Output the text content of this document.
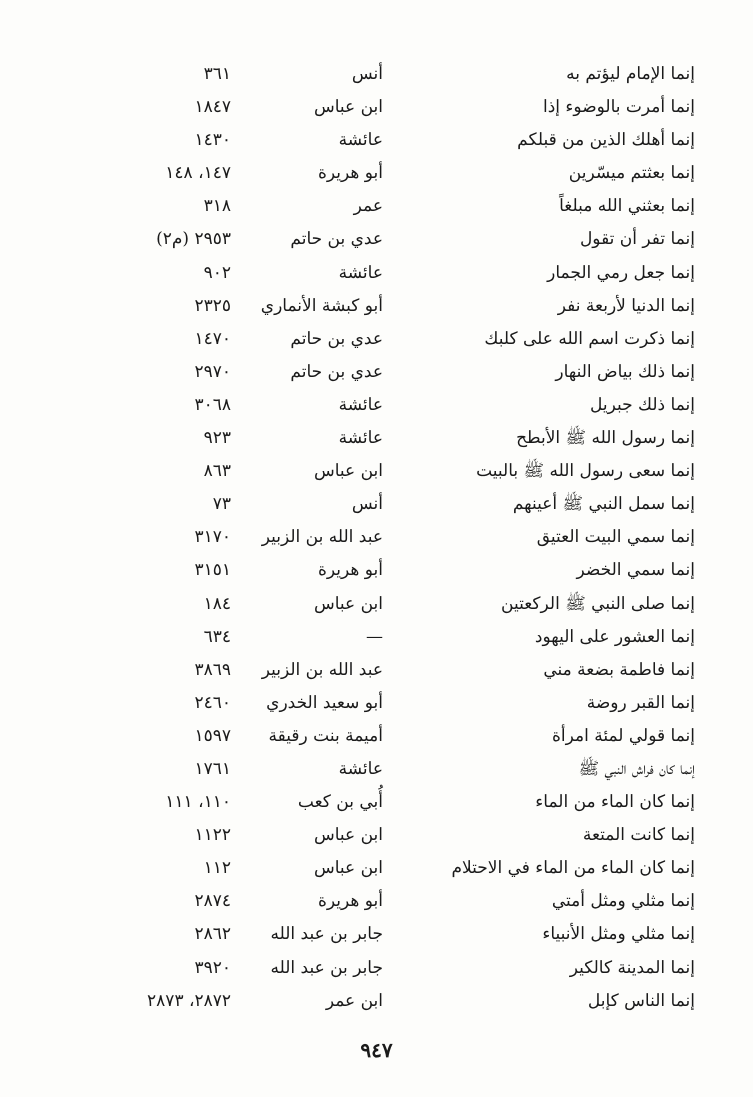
إنما الإمام ليؤتم به
أنس
٣٦١
إنما أمرت بالوضوء إذا
ابن عباس
١٨٤٧
إنما أهلك الذين من قبلكم
عائشة
١٤٣٠
إنما بعثتم ميسّرين
أبو هريرة
١٤٧، ١٤٨
إنما بعثني الله مبلغاً
عمر
٣١٨
إنما تفر أن تقول
عدي بن حاتم
٢٩٥٣ (م٢)
إنما جعل رمي الجمار
عائشة
٩٠٢
إنما الدنيا لأربعة نفر
أبو كبشة الأنماري
٢٣٢٥
إنما ذكرت اسم الله على كلبك
عدي بن حاتم
١٤٧٠
إنما ذلك بياض النهار
عدي بن حاتم
٢٩٧٠
إنما ذلك جبريل
عائشة
٣٠٦٨
إنما رسول الله ﷺ الأبطح
عائشة
٩٢٣
إنما سعى رسول الله ﷺ بالبيت
ابن عباس
٨٦٣
إنما سمل النبي ﷺ أعينهم
أنس
٧٣
إنما سمي البيت العتيق
عبد الله بن الزبير
٣١٧٠
إنما سمي الخضر
أبو هريرة
٣١٥١
إنما صلى النبي ﷺ الركعتين
ابن عباس
١٨٤
إنما العشور على اليهود
—
٦٣٤
إنما فاطمة بضعة مني
عبد الله بن الزبير
٣٨٦٩
إنما القبر روضة
أبو سعيد الخدري
٢٤٦٠
إنما قولي لمئة امرأة
أميمة بنت رقيقة
١٥٩٧
إنما كان فراش النبي ﷺ
عائشة
١٧٦١
إنما كان الماء من الماء
أُبي بن كعب
١١٠، ١١١
إنما كانت المتعة
ابن عباس
١١٢٢
إنما كان الماء من الماء في الاحتلام
ابن عباس
١١٢
إنما مثلي ومثل أمتي
أبو هريرة
٢٨٧٤
إنما مثلي ومثل الأنبياء
جابر بن عبد الله
٢٨٦٢
إنما المدينة كالكير
جابر بن عبد الله
٣٩٢٠
إنما الناس كإبل
ابن عمر
٢٨٧٢، ٢٨٧٣
٩٤٧
